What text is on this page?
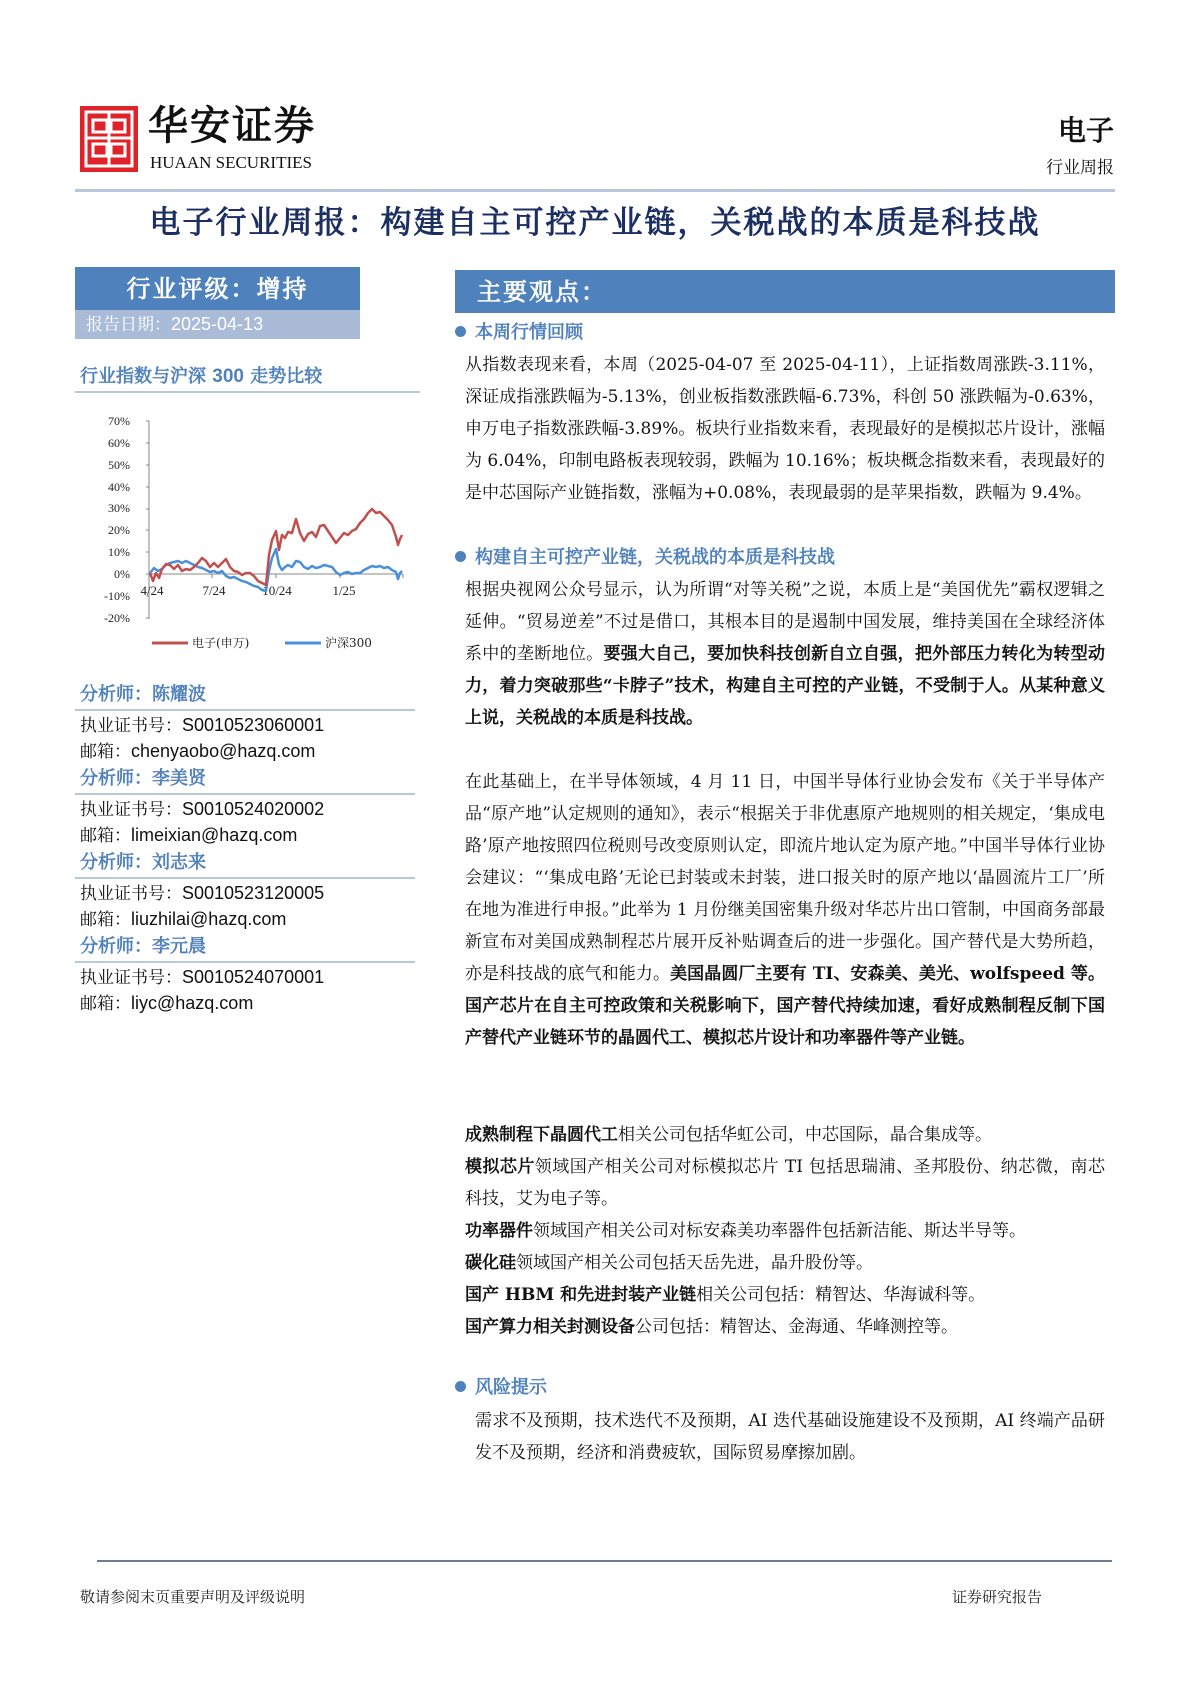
华安证券
HUAAN SECURITIES
电子
行业周报
电子行业周报：构建自主可控产业链，关税战的本质是科技战
行业评级：增持
报告日期：2025-04-13
行业指数与沪深 300 走势比较
70%
60%
50%
40%
30%
20%
10%
0%
-10%
-20%
4/24	7/24	10/24	1/25
电子(申万)	沪深300
分析师：陈耀波
执业证书号：S0010523060001
邮箱：chenyaobo@hazq.com
分析师：李美贤
执业证书号：S0010524020002
邮箱：limeixian@hazq.com
分析师：刘志来
执业证书号：S0010523120005
邮箱：liuzhilai@hazq.com
分析师：李元晨
执业证书号：S0010524070001
邮箱：liyc@hazq.com
主要观点：
本周行情回顾
从指数表现来看，本周（2025-04-07 至 2025-04-11），上证指数周涨跌-3.11%，深证成指涨跌幅为-5.13%，创业板指数涨跌幅-6.73%，科创 50 涨跌幅为-0.63%，申万电子指数涨跌幅-3.89%。板块行业指数来看，表现最好的是模拟芯片设计，涨幅为 6.04%，印制电路板表现较弱，跌幅为 10.16%；板块概念指数来看，表现最好的是中芯国际产业链指数，涨幅为+0.08%，表现最弱的是苹果指数，跌幅为 9.4%。
构建自主可控产业链，关税战的本质是科技战
根据央视网公众号显示，认为所谓“对等关税”之说，本质上是“美国优先”霸权逻辑之延伸。“贸易逆差”不过是借口，其根本目的是遏制中国发展，维持美国在全球经济体系中的垄断地位。要强大自己，要加快科技创新自立自强，把外部压力转化为转型动力，着力突破那些“卡脖子”技术，构建自主可控的产业链，不受制于人。从某种意义上说，关税战的本质是科技战。
在此基础上，在半导体领域，4 月 11 日，中国半导体行业协会发布《关于半导体产品“原产地”认定规则的通知》，表示“根据关于非优惠原产地规则的相关规定，‘集成电路’原产地按照四位税则号改变原则认定，即流片地认定为原产地。”中国半导体行业协会建议：“‘集成电路’无论已封装或未封装，进口报关时的原产地以‘晶圆流片工厂’所在地为准进行申报。”此举为 1 月份继美国密集升级对华芯片出口管制，中国商务部最新宣布对美国成熟制程芯片展开反补贴调查后的进一步强化。国产替代是大势所趋，亦是科技战的底气和能力。美国晶圆厂主要有 TI、安森美、美光、wolfspeed 等。国产芯片在自主可控政策和关税影响下，国产替代持续加速，看好成熟制程反制下国产替代产业链环节的晶圆代工、模拟芯片设计和功率器件等产业链。
成熟制程下晶圆代工相关公司包括华虹公司，中芯国际，晶合集成等。
模拟芯片领域国产相关公司对标模拟芯片 TI 包括思瑞浦、圣邦股份、纳芯微，南芯科技，艾为电子等。
功率器件领域国产相关公司对标安森美功率器件包括新洁能、斯达半导等。
碳化硅领域国产相关公司包括天岳先进，晶升股份等。
国产 HBM 和先进封装产业链相关公司包括：精智达、华海诚科等。
国产算力相关封测设备公司包括：精智达、金海通、华峰测控等。
风险提示
需求不及预期，技术迭代不及预期，AI 迭代基础设施建设不及预期，AI 终端产品研发不及预期，经济和消费疲软，国际贸易摩擦加剧。
敬请参阅末页重要声明及评级说明	证券研究报告
